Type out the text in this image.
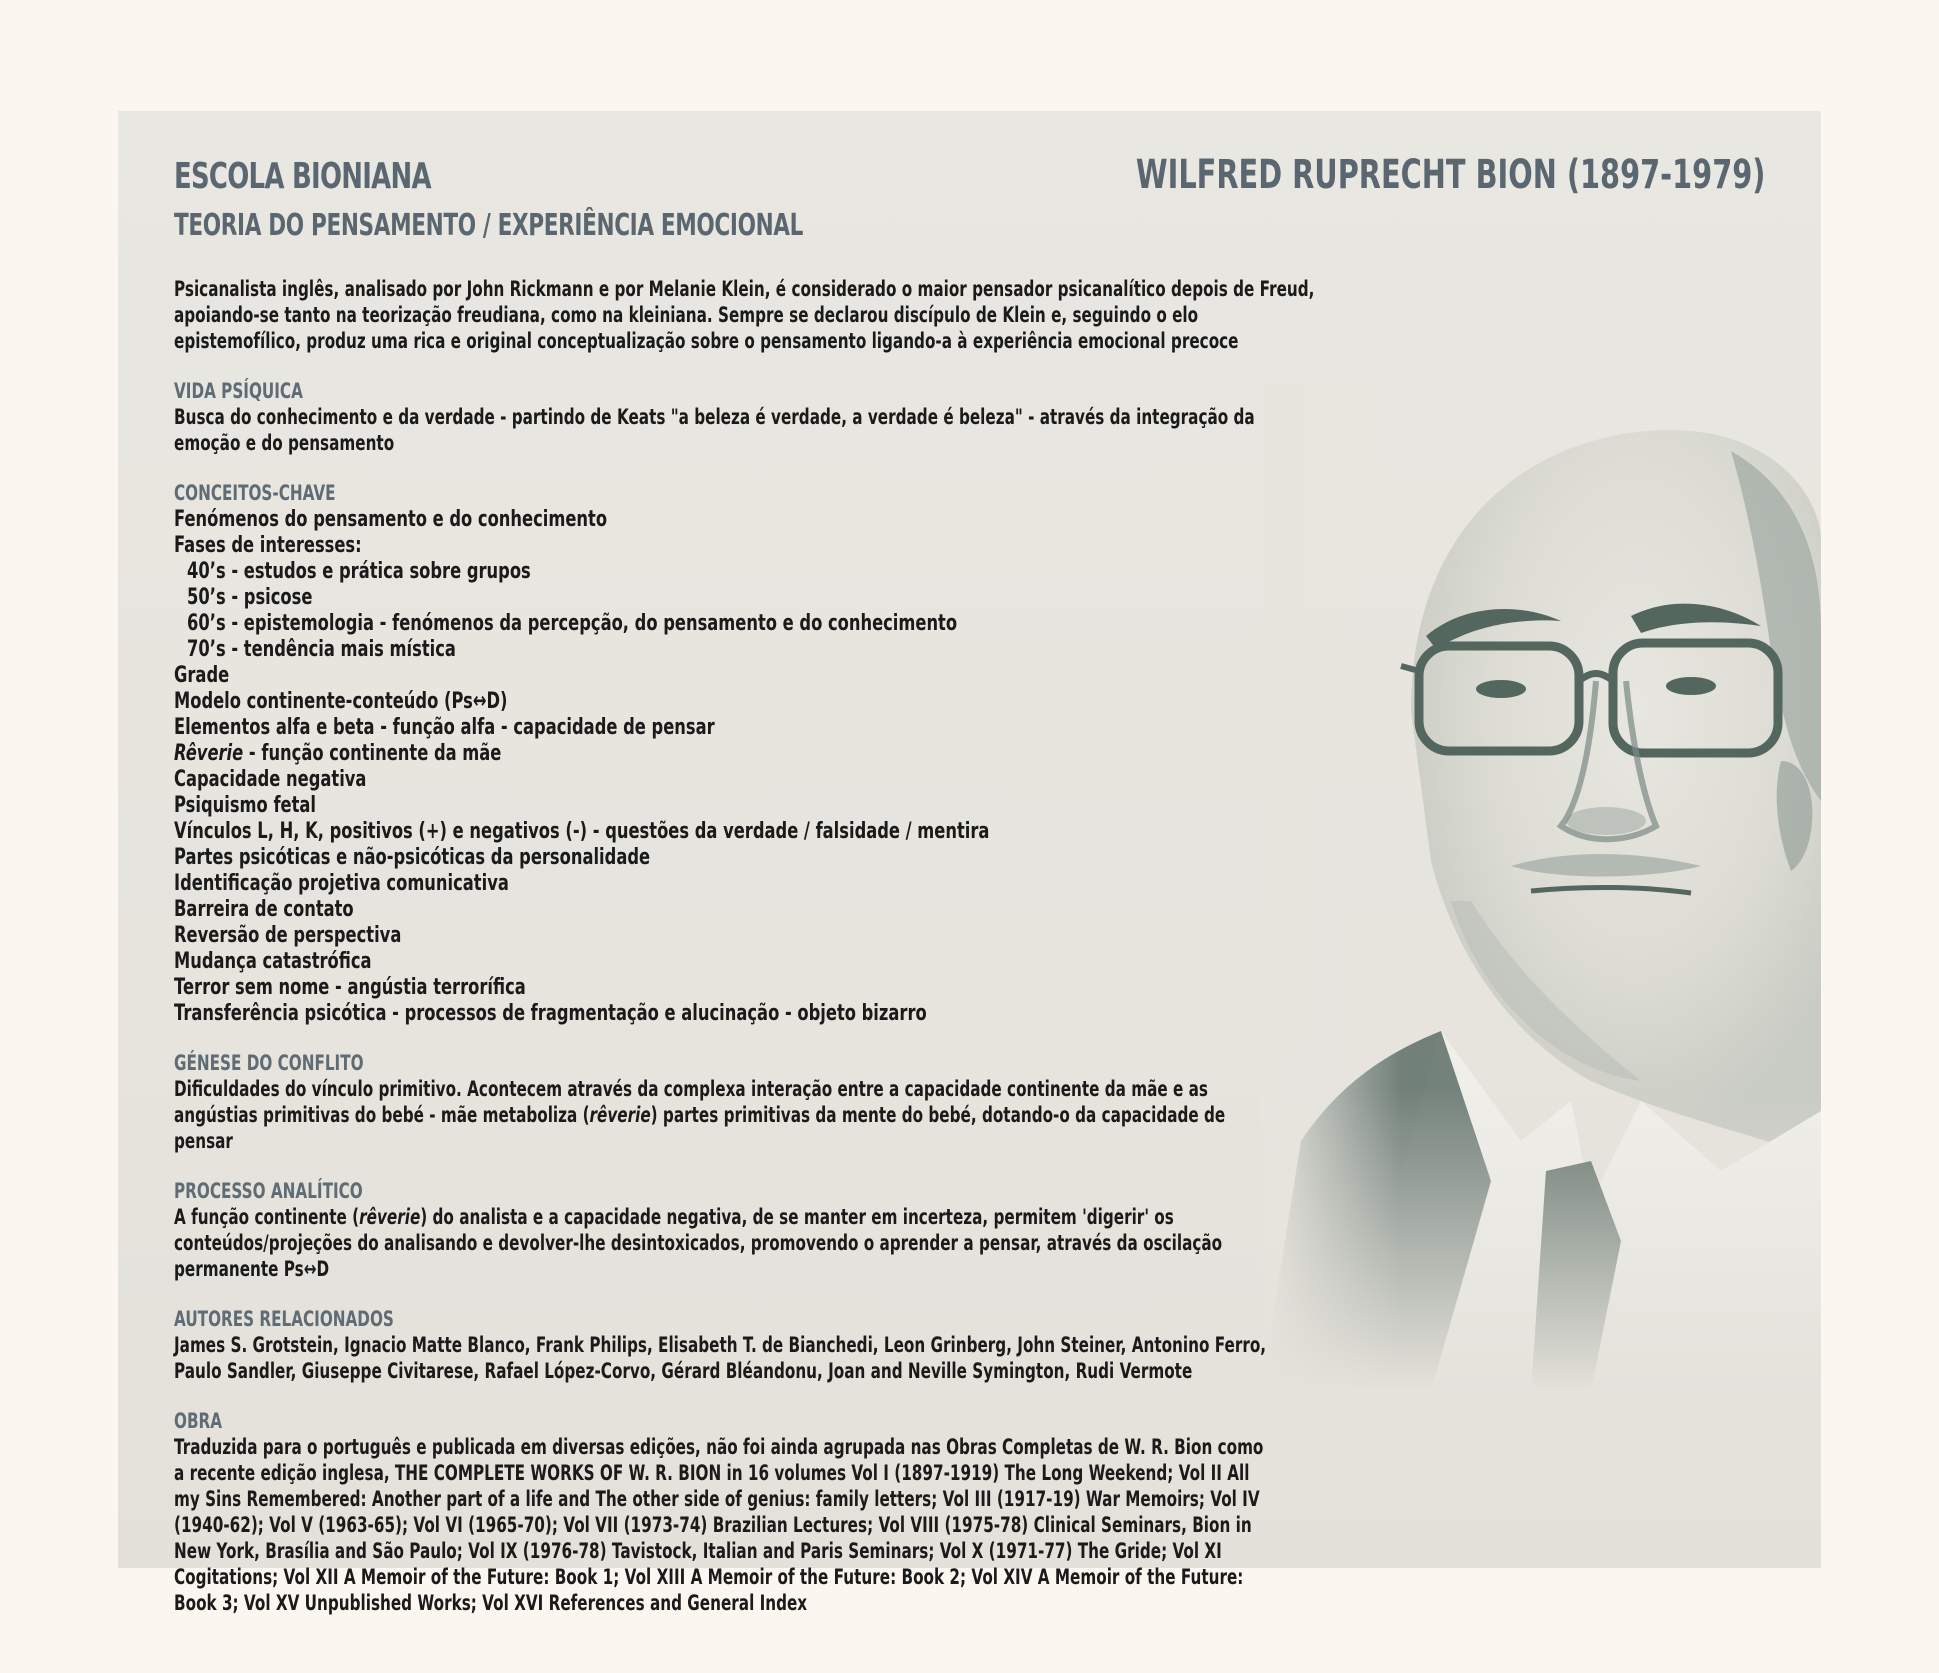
ESCOLA BIONIANA
TEORIA DO PENSAMENTO / EXPERIÊNCIA EMOCIONAL
WILFRED RUPRECHT BION (1897-1979)

Psicanalista inglês, analisado por John Rickmann e por Melanie Klein, é considerado o maior pensador psicanalítico depois de Freud, apoiando-se tanto na teorização freudiana, como na kleiniana. Sempre se declarou discípulo de Klein e, seguindo o elo epistemofílico, produz uma rica e original conceptualização sobre o pensamento ligando-a à experiência emocional precoce

VIDA PSÍQUICA

Busca do conhecimento e da verdade - partindo de Keats "a beleza é verdade, a verdade é beleza" - através da integração da emoção e do pensamento

CONCEITOS-CHAVE
Fenómenos do pensamento e do conhecimento
Fases de interesses:
40’s - estudos e prática sobre grupos
50’s - psicose
60’s - epistemologia - fenómenos da percepção, do pensamento e do conhecimento
70’s - tendência mais mística
Grade
Modelo continente-conteúdo (Ps↔D)
Elementos alfa e beta - função alfa - capacidade de pensar
Rêverie - função continente da mãe
Capacidade negativa
Psiquismo fetal
Vínculos L, H, K, positivos (+) e negativos (-) - questões da verdade / falsidade / mentira
Partes psicóticas e não-psicóticas da personalidade
Identificação projetiva comunicativa
Barreira de contato
Reversão de perspectiva
Mudança catastrófica
Terror sem nome - angústia terrorífica
Transferência psicótica - processos de fragmentação e alucinação - objeto bizarro
GÉNESE DO CONFLITO

Dificuldades do vínculo primitivo. Acontecem através da complexa interação entre a capacidade continente da mãe e as angústias primitivas do bebé - mãe metaboliza (rêverie) partes primitivas da mente do bebé, dotando-o da capacidade de pensar

PROCESSO ANALÍTICO

A função continente (rêverie) do analista e a capacidade negativa, de se manter em incerteza, permitem 'digerir' os conteúdos/projeções do analisando e devolver-lhe desintoxicados, promovendo o aprender a pensar, através da oscilação permanente Ps↔D

AUTORES RELACIONADOS

James S. Grotstein, Ignacio Matte Blanco, Frank Philips, Elisabeth T. de Bianchedi, Leon Grinberg, John Steiner, Antonino Ferro, Paulo Sandler, Giuseppe Civitarese, Rafael López-Corvo, Gérard Bléandonu, Joan and Neville Symington, Rudi Vermote

OBRA

Traduzida para o português e publicada em diversas edições, não foi ainda agrupada nas Obras Completas de W. R. Bion como a recente edição inglesa, THE COMPLETE WORKS OF W. R. BION in 16 volumes Vol I (1897-1919) The Long Weekend; Vol II All my Sins Remembered: Another part of a life and The other side of genius: family letters; Vol III (1917-19) War Memoirs; Vol IV (1940-62); Vol V (1963-65); Vol VI (1965-70); Vol VII (1973-74) Brazilian Lectures; Vol VIII (1975-78) Clinical Seminars, Bion in New York, Brasília and São Paulo; Vol IX (1976-78) Tavistock, Italian and Paris Seminars; Vol X (1971-77) The Gride; Vol XI Cogitations; Vol XII A Memoir of the Future: Book 1; Vol XIII A Memoir of the Future: Book 2; Vol XIV A Memoir of the Future: Book 3; Vol XV Unpublished Works; Vol XVI References and General Index
